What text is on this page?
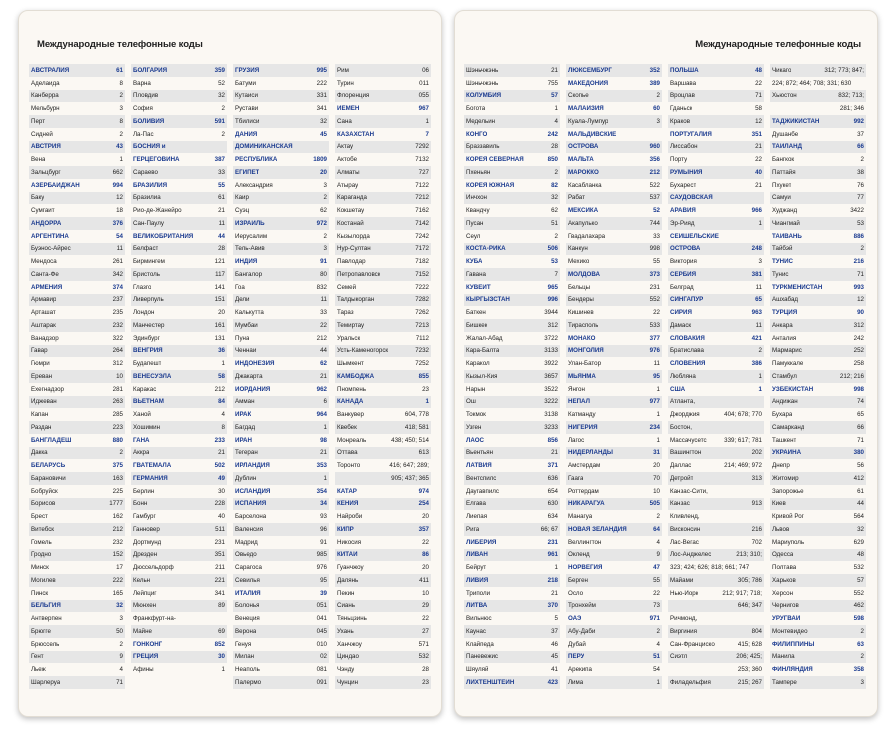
Международные телефонные коды
АВСТРАЛИЯ	61
Аделаида	8
Канберра	2
Мельбурн	3
Перт	8
Сидней	2
АВСТРИЯ	43
Вена	1
Зальцбург	662
АЗЕРБАЙДЖАН	994
Баку	12
Сумгаит	18
АНДОРРА	376
АРГЕНТИНА	54
Буэнос-Айрес	11
Мендоса	261
Санта-Фе	342
АРМЕНИЯ	374
Армавир	237
Арташат	235
Аштарак	232
Ванадзор	322
Гавар	264
Гюмри	312
Ереван	10
Ехегнадзор	281
Иджеван	263
Капан	285
Раздан	223
БАНГЛАДЕШ	880
Дакка	2
БЕЛАРУСЬ	375
Барановичи	163
Бобруйск	225
Борисов	1777
Брест	162
Витебск	212
Гомель	232
Гродно	152
Минск	17
Могилев	222
Пинск	165
БЕЛЬГИЯ	32
Антверпен	3
Брюгге	50
Брюссель	2
Гент	9
Льеж	4
Шарлеруа	71
БОЛГАРИЯ	359
Варна	52
Пловдив	32
София	2
БОЛИВИЯ	591
Ла-Пас	2
БОСНИЯ и
ГЕРЦЕГОВИНА	387
Сараево	33
БРАЗИЛИЯ	55
Бразилиа	61
Рио-де-Жанейро	21
Сан-Паулу	11
ВЕЛИКОБРИТАНИЯ	44
Белфаст	28
Бирмингем	121
Бристоль	117
Глазго	141
Ливерпуль	151
Лондон	20
Манчестер	161
Эдинбург	131
ВЕНГРИЯ	36
Будапешт	1
ВЕНЕСУЭЛА	58
Каракас	212
ВЬЕТНАМ	84
Ханой	4
Хошимин	8
ГАНА	233
Аккра	21
ГВАТЕМАЛА	502
ГЕРМАНИЯ	49
Берлин	30
Бонн	228
Гамбург	40
Ганновер	511
Дортмунд	231
Дрезден	351
Дюссельдорф	211
Кельн	221
Лейпциг	341
Мюнхен	89
Франкфурт-на-
Майне	69
ГОНКОНГ	852
ГРЕЦИЯ	30
Афины	1
ГРУЗИЯ	995
Батуми	222
Кутаиси	331
Рустави	341
Тбилиси	32
ДАНИЯ	45
ДОМИНИКАНСКАЯ
РЕСПУБЛИКА	1809
ЕГИПЕТ	20
Александрия	3
Каир	2
Суэц	62
ИЗРАИЛЬ	972
Иерусалим	2
Тель-Авив	3
ИНДИЯ	91
Бангалор	80
Гоа	832
Дели	11
Калькутта	33
Мумбаи	22
Пуна	212
Ченнаи	44
ИНДОНЕЗИЯ	62
Джакарта	21
ИОРДАНИЯ	962
Амман	6
ИРАК	964
Багдад	1
ИРАН	98
Тегеран	21
ИРЛАНДИЯ	353
Дублин	1
ИСЛАНДИЯ	354
ИСПАНИЯ	34
Барселона	93
Валенсия	96
Мадрид	91
Овьедо	985
Сарагоса	976
Севилья	95
ИТАЛИЯ	39
Болонья	051
Венеция	041
Верона	045
Генуя	010
Милан	02
Неаполь	081
Палермо	091
Рим	06
Турин	011
Флоренция	055
ЙЕМЕН	967
Сана	1
КАЗАХСТАН	7
Актау	7292
Актобе	7132
Алматы	727
Атырау	7122
Караганда	7212
Кокшетау	7162
Костанай	7142
Кызылорда	7242
Нур-Султан	7172
Павлодар	7182
Петропавловск	7152
Семей	7222
Талдыкорган	7282
Тараз	7262
Темиртау	7213
Уральск	7112
Усть-Каменогорск	7232
Шымкент	7252
КАМБОДЖА	855
Пномпень	23
КАНАДА	1
Ванкувер	604, 778
Квебек	418; 581
Монреаль	438; 450; 514
Оттава	613
Торонто	416; 647; 289;
905; 437; 365
КАТАР	974
КЕНИЯ	254
Найроби	20
КИПР	357
Никосия	22
КИТАЙ	86
Гуанчжоу	20
Далянь	411
Пекин	10
Сиань	29
Тяньцзинь	22
Ухань	27
Ханчжоу	571
Циндао	532
Чэнду	28
Чунцин	23
Международные телефонные коды
Шэньчжэнь	21
Шэньчжэнь	755
КОЛУМБИЯ	57
Богота	1
Медельин	4
КОНГО	242
Браззавиль	28
КОРЕЯ СЕВЕРНАЯ	850
Пхеньян	2
КОРЕЯ ЮЖНАЯ	82
Инчхон	32
Квандчу	62
Пусан	51
Сеул	2
КОСТА-РИКА	506
КУБА	53
Гавана	7
КУВЕЙТ	965
КЫРГЫЗСТАН	996
Баткен	3944
Бишкек	312
Жалал-Абад	3722
Кара-Балта	3133
Каракол	3922
Кызыл-Кия	3657
Нарын	3522
Ош	3222
Токмок	3138
Узген	3233
ЛАОС	856
Вьентьян	21
ЛАТВИЯ	371
Вентспилс	636
Даугавпилс	654
Елгава	630
Лиепая	634
Рига	66; 67
ЛИБЕРИЯ	231
ЛИВАН	961
Бейрут	1
ЛИВИЯ	218
Триполи	21
ЛИТВА	370
Вильнюс	5
Каунас	37
Клайпеда	46
Паневежис	45
Шяуляй	41
ЛИХТЕНШТЕЙН	423
ЛЮКСЕМБУРГ	352
МАКЕДОНИЯ	389
Скопье	2
МАЛАЙЗИЯ	60
Куала-Лумпур	3
МАЛЬДИВСКИЕ
ОСТРОВА	960
МАЛЬТА	356
МАРОККО	212
Касабланка	522
Рабат	537
МЕКСИКА	52
Акапулько	744
Гвадалахара	33
Канкун	998
Мехико	55
МОЛДОВА	373
Бельцы	231
Бендеры	552
Кишинев	22
Тирасполь	533
МОНАКО	377
МОНГОЛИЯ	976
Улан-Батор	11
МЬЯНМА	95
Янгон	1
НЕПАЛ	977
Катманду	1
НИГЕРИЯ	234
Лагос	1
НИДЕРЛАНДЫ	31
Амстердам	20
Гаага	70
Роттердам	10
НИКАРАГУА	505
Манагуа	2
НОВАЯ ЗЕЛАНДИЯ	64
Веллингтон	4
Окленд	9
НОРВЕГИЯ	47
Берген	55
Осло	22
Тронхейм	73
ОАЭ	971
Абу-Даби	2
Дубай	4
ПЕРУ	51
Арекипа	54
Лима	1
ПОЛЬША	48
Варшава	22
Вроцлав	71
Гданьск	58
Краков	12
ПОРТУГАЛИЯ	351
Лиссабон	21
Порту	22
РУМЫНИЯ	40
Бухарест	21
САУДОВСКАЯ
АРАВИЯ	966
Эр-Рияд	1
СЕЙШЕЛЬСКИЕ
ОСТРОВА	248
Виктория	3
СЕРБИЯ	381
Белград	11
СИНГАПУР	65
СИРИЯ	963
Дамаск	11
СЛОВАКИЯ	421
Братислава	2
СЛОВЕНИЯ	386
Любляна	1
США	1
Атланта,
Джорджия	404; 678; 770
Бостон,
Массачусетс	339; 617; 781
Вашингтон	202
Даллас	214; 469; 972
Детройт	313
Канзас-Сити,
Канзас	913
Кливленд,
Висконсин	216
Лас-Вегас	702
Лос-Анджелес	213; 310;
323; 424; 626; 818; 661; 747
Майами	305; 786
Нью-Йорк	212; 917; 718;
646; 347
Ричмонд,
Виргиния	804
Сан-Франциско	415; 628
Сиэтл	206; 425;
253; 360
Филадельфия	215; 267
Чикаго	312; 773; 847;
224; 872; 464; 708; 331; 630
Хьюстон	832; 713;
281; 346
ТАДЖИКИСТАН	992
Душанбе	37
ТАИЛАНД	66
Бангкок	2
Паттайя	38
Пхукет	76
Самуи	77
Худжанд	3422
Чиангмай	53
ТАЙВАНЬ	886
Тайбэй	2
ТУНИС	216
Тунис	71
ТУРКМЕНИСТАН	993
Ашхабад	12
ТУРЦИЯ	90
Анкара	312
Анталия	242
Мармарис	252
Памуккале	258
Стамбул	212; 216
УЗБЕКИСТАН	998
Андижан	74
Бухара	65
Самарканд	66
Ташкент	71
УКРАИНА	380
Днепр	56
Житомир	412
Запорожье	61
Киев	44
Кривой Рог	564
Львов	32
Мариуполь	629
Одесса	48
Полтава	532
Харьков	57
Херсон	552
Чернигов	462
УРУГВАЙ	598
Монтевидео	2
ФИЛИППИНЫ	63
Манила	2
ФИНЛЯНДИЯ	358
Тампере	3
